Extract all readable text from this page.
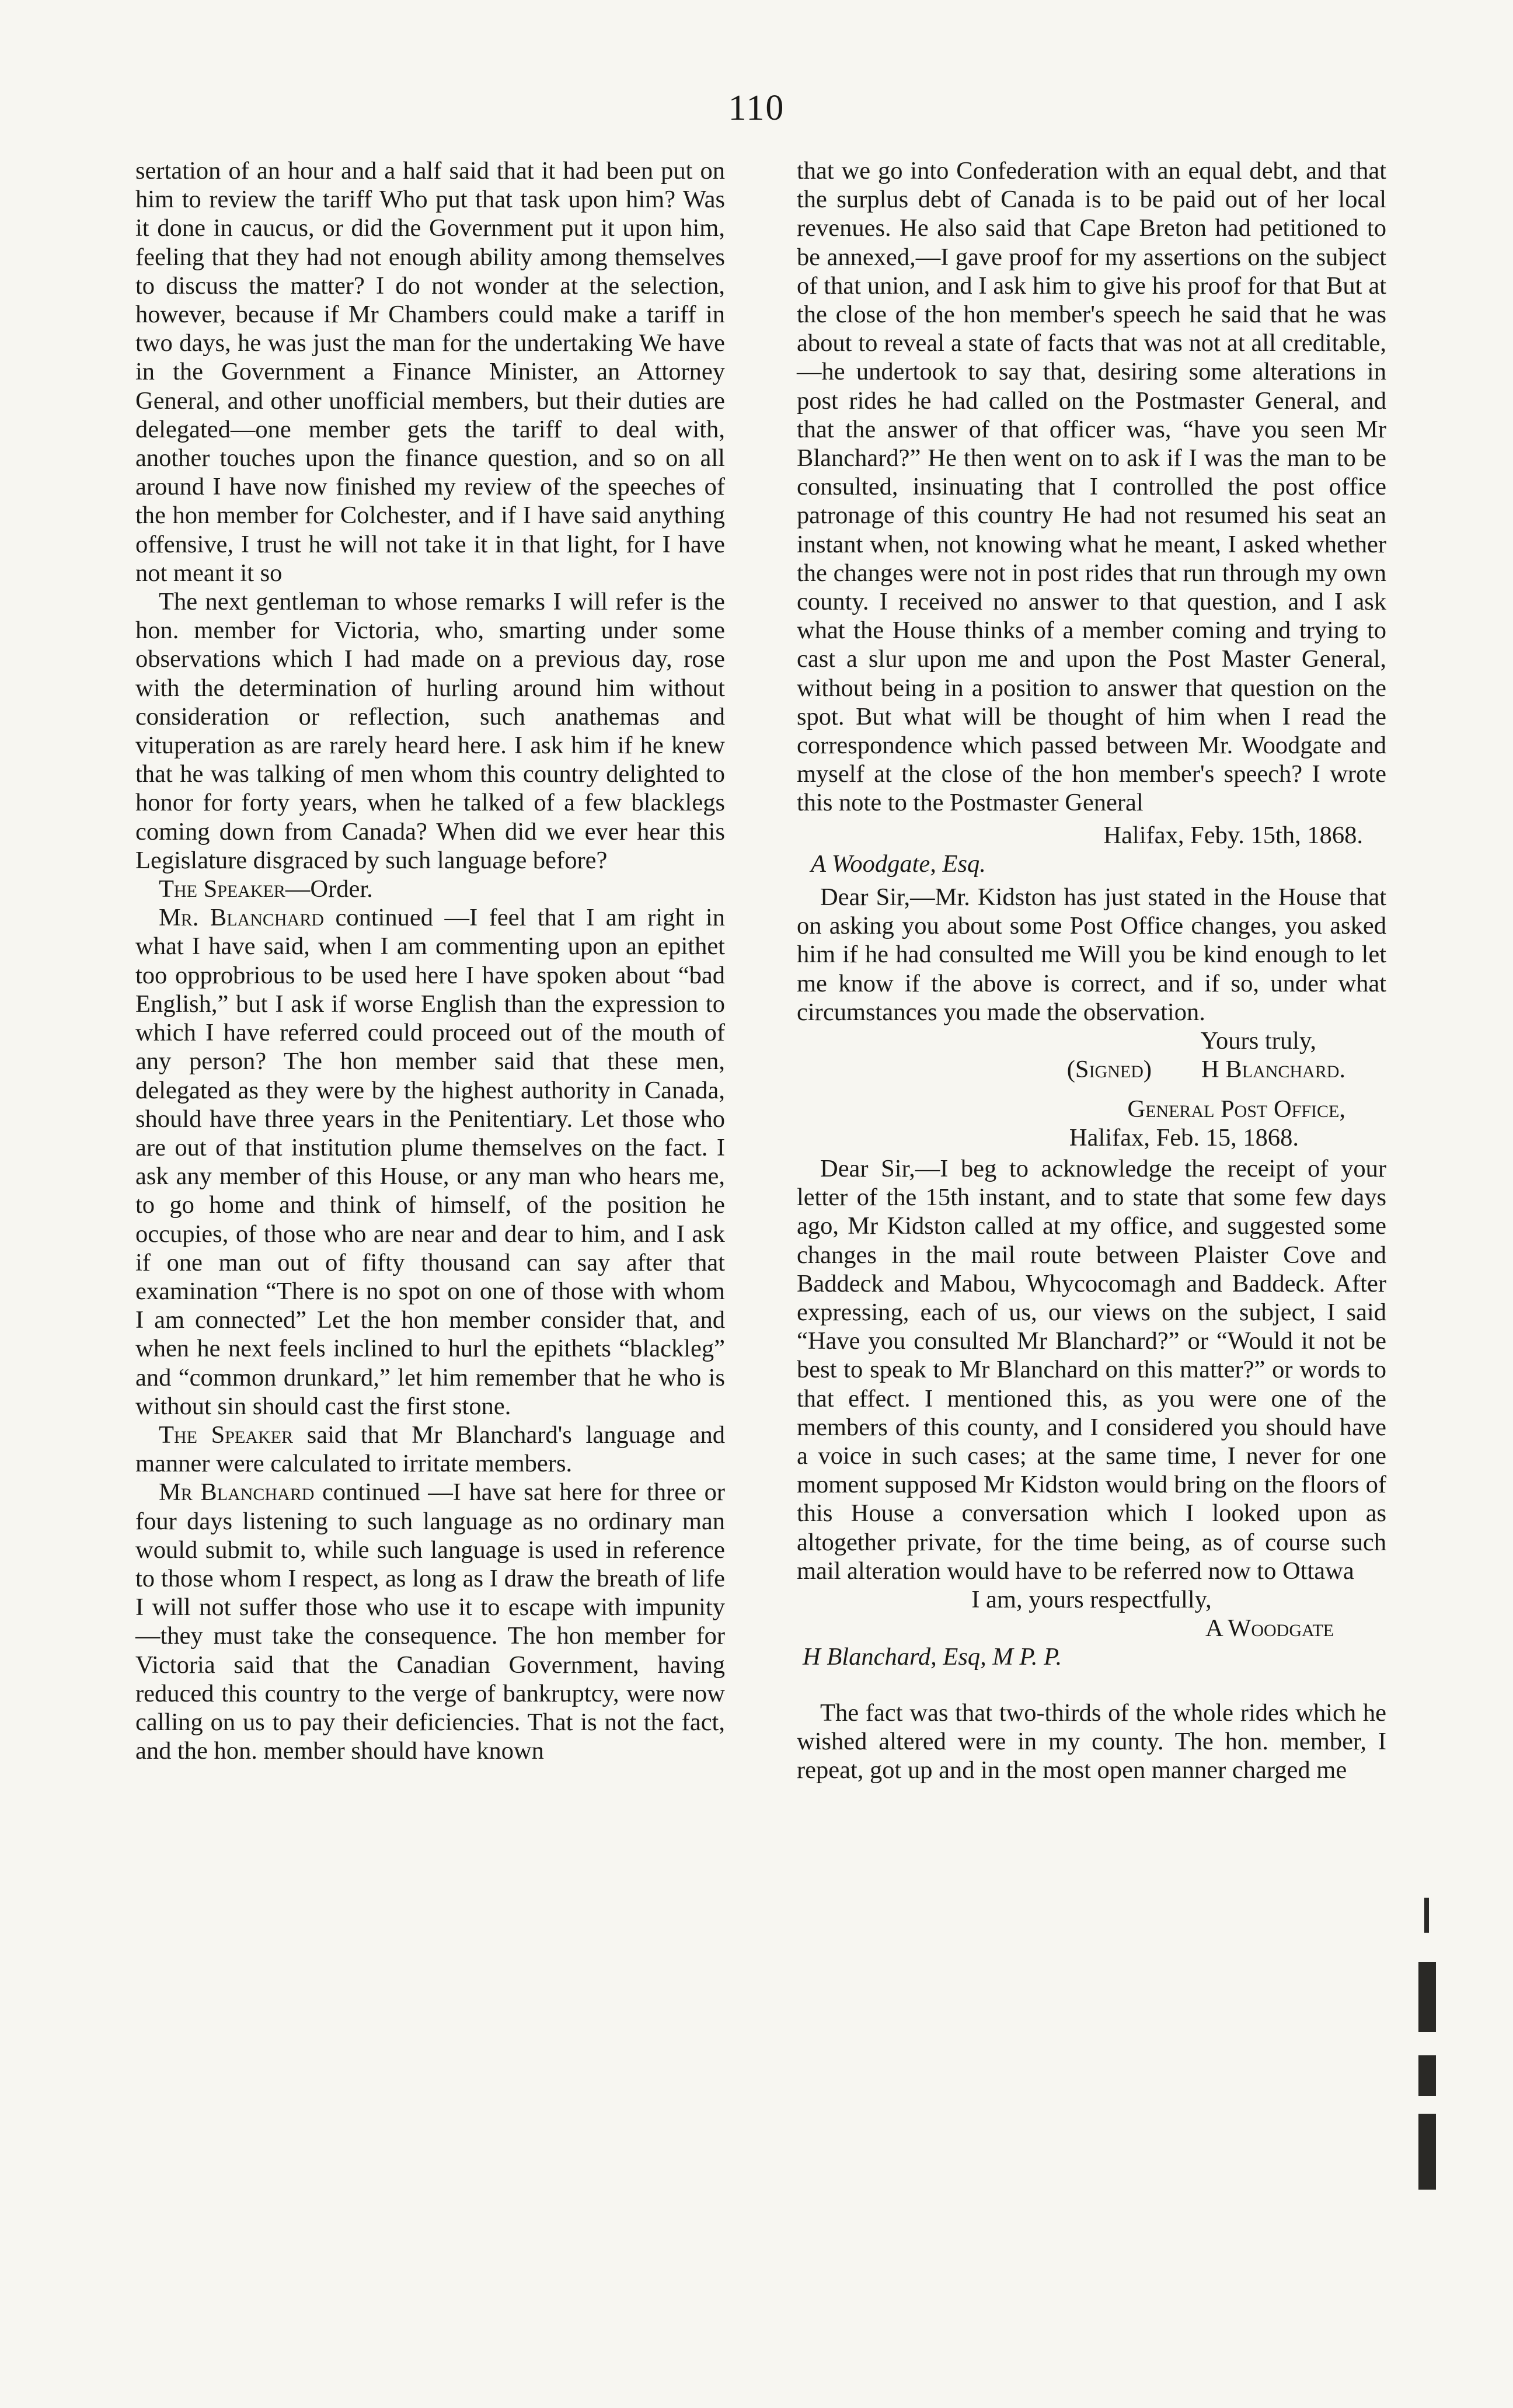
110

sertation of an hour and a half said that it had been put on him to review the tariff Who put that task upon him? Was it done in caucus, or did the Government put it upon him, feeling that they had not enough ability among themselves to discuss the matter? I do not wonder at the selection, however, because if Mr Chambers could make a tariff in two days, he was just the man for the undertaking We have in the Government a Finance Minister, an Attorney General, and other unofficial members, but their duties are delegated—one member gets the tariff to deal with, another touches upon the finance question, and so on all around I have now finished my review of the speeches of the hon member for Colchester, and if I have said anything offensive, I trust he will not take it in that light, for I have not meant it so

The next gentleman to whose remarks I will refer is the hon. member for Victoria, who, smarting under some observations which I had made on a previous day, rose with the determination of hurling around him without consideration or reflection, such anathemas and vituperation as are rarely heard here. I ask him if he knew that he was talking of men whom this country delighted to honor for forty years, when he talked of a few blacklegs coming down from Canada? When did we ever hear this Legislature disgraced by such language before?

The Speaker—Order.

Mr. Blanchard continued —I feel that I am right in what I have said, when I am commenting upon an epithet too opprobrious to be used here I have spoken about “bad English,” but I ask if worse English than the expression to which I have referred could proceed out of the mouth of any person? The hon member said that these men, delegated as they were by the highest authority in Canada, should have three years in the Penitentiary. Let those who are out of that institution plume themselves on the fact. I ask any member of this House, or any man who hears me, to go home and think of himself, of the position he occupies, of those who are near and dear to him, and I ask if one man out of fifty thousand can say after that examination “There is no spot on one of those with whom I am connected” Let the hon member consider that, and when he next feels inclined to hurl the epithets “blackleg” and “common drunkard,” let him remember that he who is without sin should cast the first stone.

The Speaker said that Mr Blanchard's language and manner were calculated to irritate members.

Mr Blanchard continued —I have sat here for three or four days listening to such language as no ordinary man would submit to, while such language is used in reference to those whom I respect, as long as I draw the breath of life I will not suffer those who use it to escape with impunity—they must take the consequence. The hon member for Victoria said that the Canadian Government, having reduced this country to the verge of bankruptcy, were now calling on us to pay their deficiencies. That is not the fact, and the hon. member should have known

that we go into Confederation with an equal debt, and that the surplus debt of Canada is to be paid out of her local revenues. He also said that Cape Breton had petitioned to be annexed,—I gave proof for my assertions on the subject of that union, and I ask him to give his proof for that But at the close of the hon member's speech he said that he was about to reveal a state of facts that was not at all creditable,—he undertook to say that, desiring some alterations in post rides he had called on the Postmaster General, and that the answer of that officer was, “have you seen Mr Blanchard?” He then went on to ask if I was the man to be consulted, insinuating that I controlled the post office patronage of this country He had not resumed his seat an instant when, not knowing what he meant, I asked whether the changes were not in post rides that run through my own county. I received no answer to that question, and I ask what the House thinks of a member coming and trying to cast a slur upon me and upon the Post Master General, without being in a position to answer that question on the spot. But what will be thought of him when I read the correspondence which passed between Mr. Woodgate and myself at the close of the hon member's speech? I wrote this note to the Postmaster General

Halifax, Feby. 15th, 1868.

A Woodgate, Esq.

Dear Sir,—Mr. Kidston has just stated in the House that on asking you about some Post Office changes, you asked him if he had consulted me Will you be kind enough to let me know if the above is correct, and if so, under what circumstances you made the observation.

Yours truly,

(Signed)  H Blanchard.

General Post Office,

Halifax, Feb. 15, 1868.

Dear Sir,—I beg to acknowledge the receipt of your letter of the 15th instant, and to state that some few days ago, Mr Kidston called at my office, and suggested some changes in the mail route between Plaister Cove and Baddeck and Mabou, Whycocomagh and Baddeck. After expressing, each of us, our views on the subject, I said “Have you consulted Mr Blanchard?” or “Would it not be best to speak to Mr Blanchard on this matter?” or words to that effect. I mentioned this, as you were one of the members of this county, and I considered you should have a voice in such cases; at the same time, I never for one moment supposed Mr Kidston would bring on the floors of this House a conversation which I looked upon as altogether private, for the time being, as of course such mail alteration would have to be referred now to Ottawa

I am, yours respectfully,

A Woodgate

H Blanchard, Esq, M P. P.

The fact was that two-thirds of the whole rides which he wished altered were in my county. The hon. member, I repeat, got up and in the most open manner charged me
